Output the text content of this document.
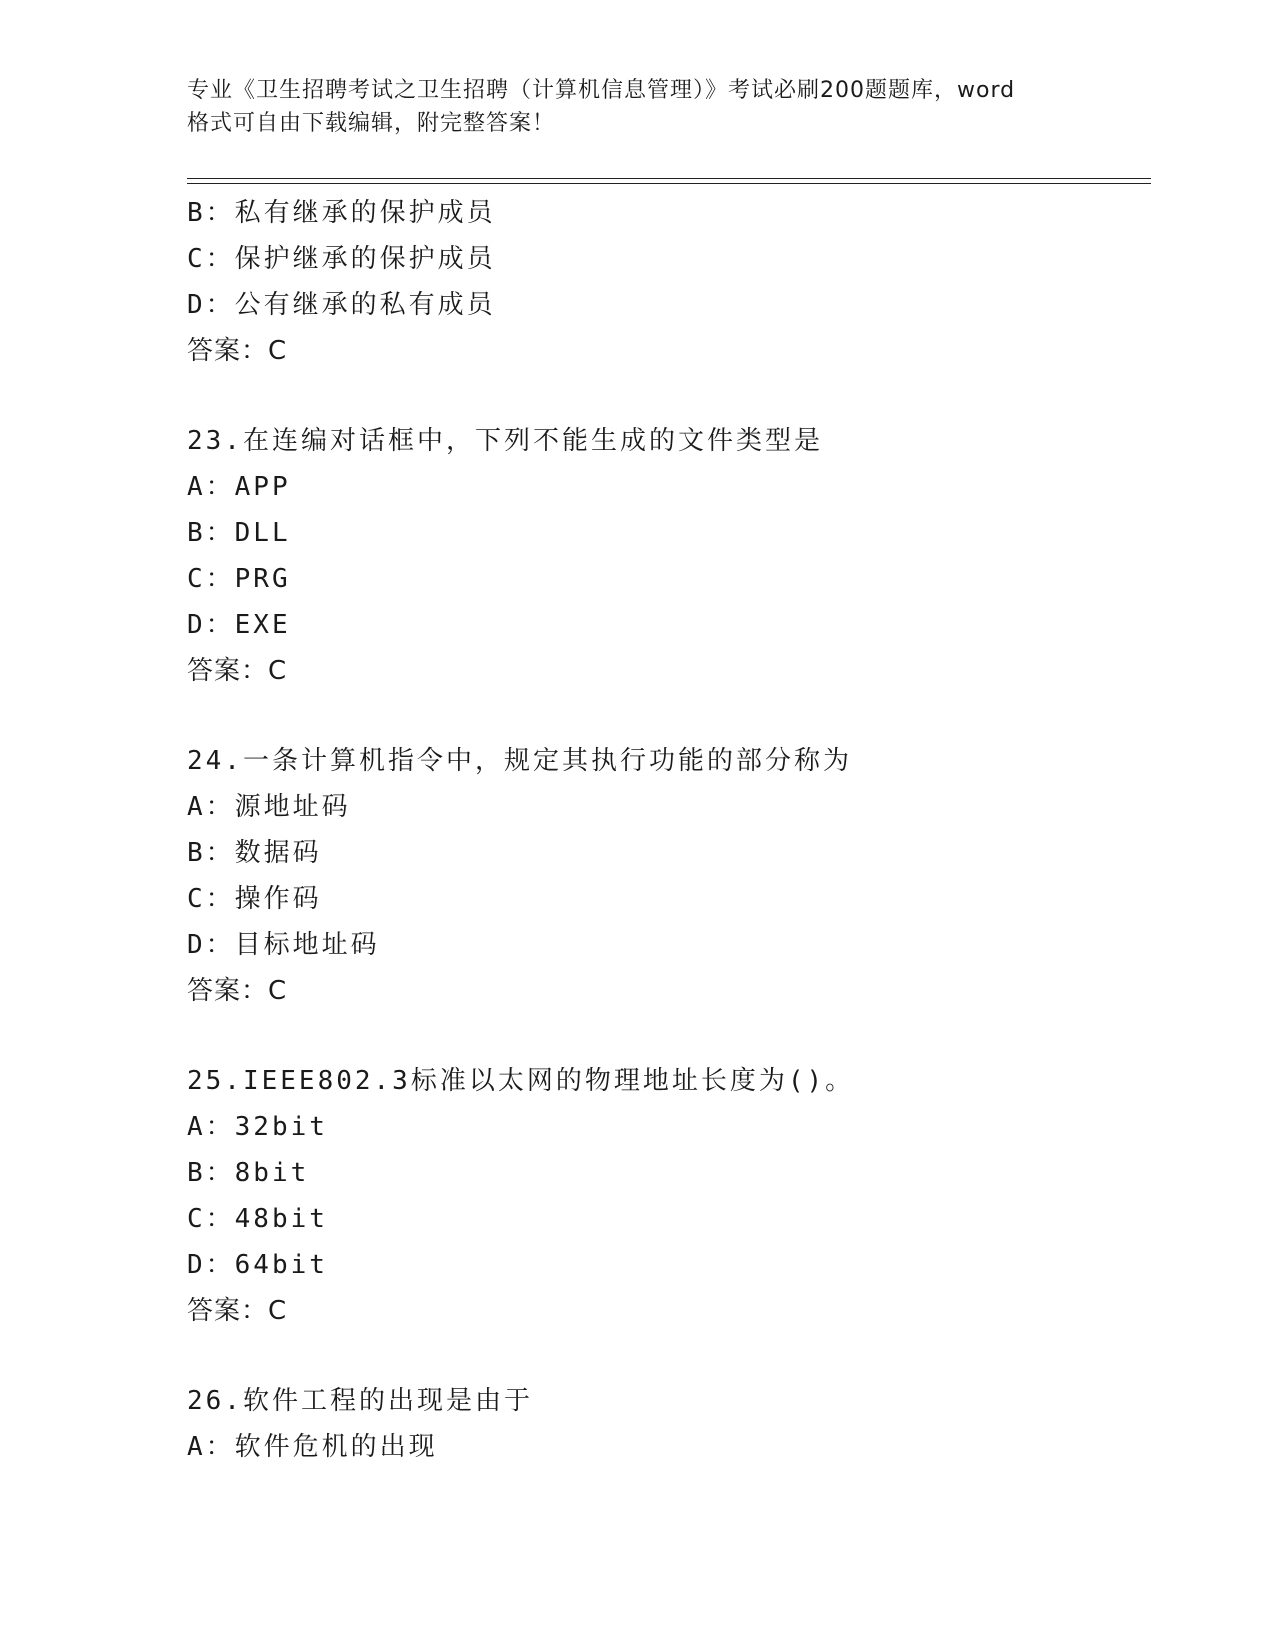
专业《卫生招聘考试之卫生招聘（计算机信息管理）》考试必刷200题题库，word
格式可自由下载编辑，附完整答案！
B：私有继承的保护成员
C：保护继承的保护成员
D：公有继承的私有成员
答案：C
23.在连编对话框中，下列不能生成的文件类型是
A：APP
B：DLL
C：PRG
D：EXE
答案：C
24.一条计算机指令中，规定其执行功能的部分称为
A：源地址码
B：数据码
C：操作码
D：目标地址码
答案：C
25.IEEE802.3标准以太网的物理地址长度为()。
A：32bit
B：8bit
C：48bit
D：64bit
答案：C
26.软件工程的出现是由于
A：软件危机的出现
